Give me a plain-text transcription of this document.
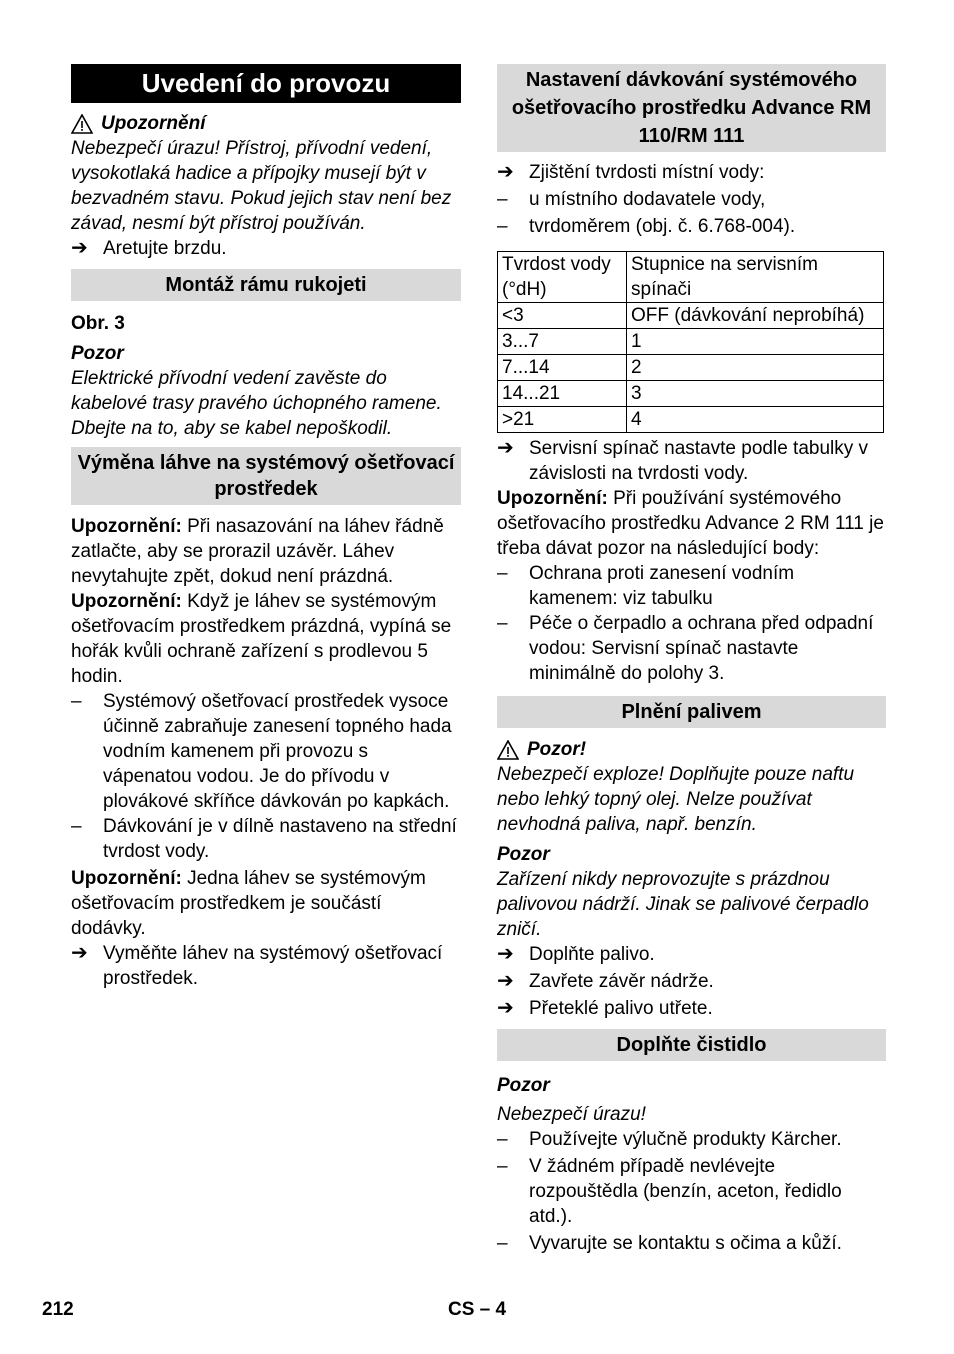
Uvedení do provozu
Upozornění

Nebezpečí úrazu! Přístroj, přívodní vedení, vysokotlaká hadice a přípojky musejí být v bezvadném stavu. Pokud jejich stav není bez závad, nesmí být přístroj používán.

➔ Aretujte brzdu.
Montáž rámu rukojeti

Obr. 3

Pozor

Elektrické přívodní vedení zavěste do kabelové trasy pravého úchopného ramene. Dbejte na to, aby se kabel nepoškodil.

Výměna láhve na systémový ošetřovací prostředek

Upozornění: Při nasazování na láhev řádně zatlačte, aby se prorazil uzávěr. Láhev nevytahujte zpět, dokud není prázdná.

Upozornění: Když je láhev se systémovým ošetřovacím prostředkem prázdná, vypíná se hořák kvůli ochraně zařízení s prodlevou 5 hodin.

–	Systémový ošetřovací prostředek vysoce účinně zabraňuje zanesení topného hada vodním kamenem při provozu s vápenatou vodou. Je do přívodu v plovákové skříňce dávkován po kapkách.
–	Dávkování je v dílně nastaveno na střední tvrdost vody.

Upozornění: Jedna láhev se systémovým ošetřovacím prostředkem je součástí dodávky.

➔ Vyměňte láhev na systémový ošetřovací prostředek.
Nastavení dávkování systémového ošetřovacího prostředku Advance RM 110/RM 111
➔ Zjištění tvrdosti místní vody:
–	u místního dodavatele vody,
–	tvrdoměrem (obj. č. 6.768-004).
Tvrdost vody (°dH)	Stupnice na servisním spínači
<3	OFF (dávkování neprobíhá)
3...7	1
7...14	2
14...21	3
>21	4
➔ Servisní spínač nastavte podle tabulky v závislosti na tvrdosti vody.

Upozornění: Při používání systémového ošetřovacího prostředku Advance 2 RM 111 je třeba dávat pozor na následující body:

–	Ochrana proti zanesení vodním kamenem: viz tabulku
–	Péče o čerpadlo a ochrana před odpadní vodou: Servisní spínač nastavte minimálně do polohy 3.
Plnění palivem
Pozor!

Nebezpečí exploze! Doplňujte pouze naftu nebo lehký topný olej. Nelze používat nevhodná paliva, např. benzín.

Pozor

Zařízení nikdy neprovozujte s prázdnou palivovou nádrží. Jinak se palivové čerpadlo zničí.

➔ Doplňte palivo.
➔ Zavřete závěr nádrže.
➔ Přeteklé palivo utřete.
Doplňte čistidlo

Pozor

Nebezpečí úrazu!

–	Používejte výlučně produkty Kärcher.
–	V žádném případě nevlévejte rozpouštědla (benzín, aceton, ředidlo atd.).
–	Vyvarujte se kontaktu s očima a kůží.
212	CS – 4
